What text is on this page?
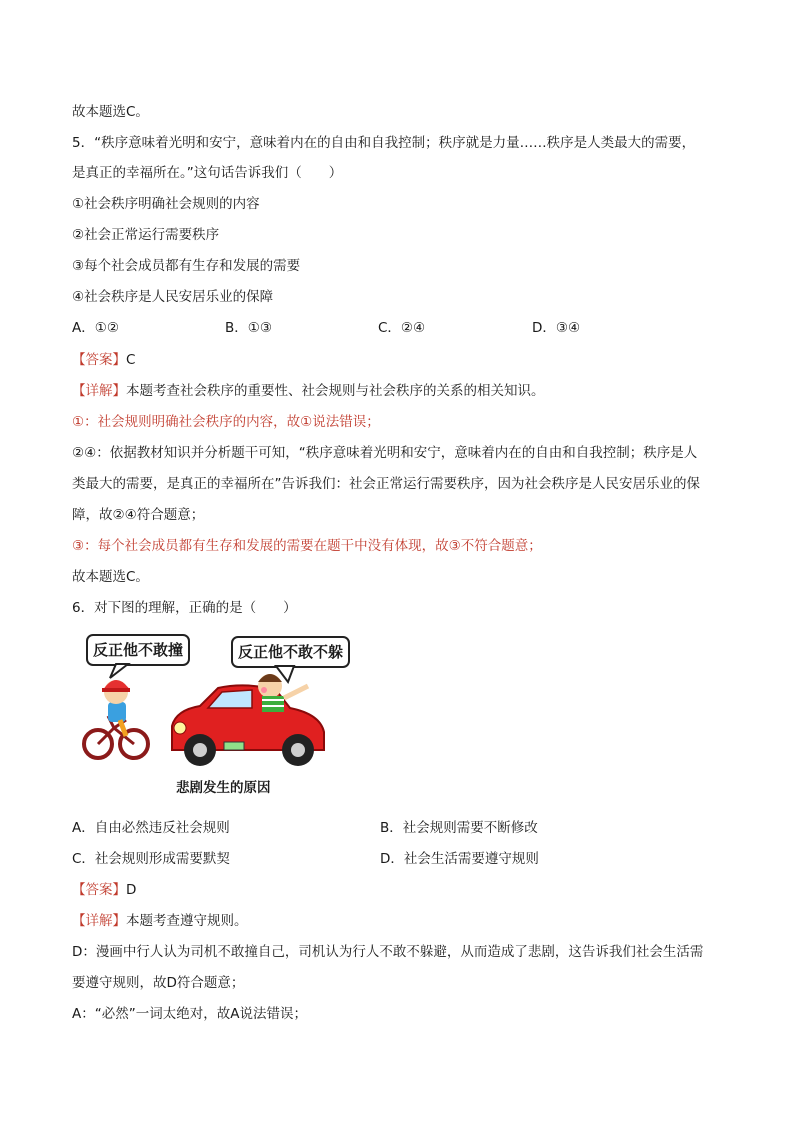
故本题选C。
5．“秩序意味着光明和安宁，意味着内在的自由和自我控制；秩序就是力量……秩序是人类最大的需要，
是真正的幸福所在。”这句话告诉我们（　　）
①社会秩序明确社会规则的内容
②社会正常运行需要秩序
③每个社会成员都有生存和发展的需要
④社会秩序是人民安居乐业的保障
A．①②	B．①③	C．②④	D．③④
【答案】C
【详解】本题考查社会秩序的重要性、社会规则与社会秩序的关系的相关知识。
①：社会规则明确社会秩序的内容，故①说法错误；
②④：依据教材知识并分析题干可知，“秩序意味着光明和安宁，意味着内在的自由和自我控制；秩序是人
类最大的需要，是真正的幸福所在”告诉我们：社会正常运行需要秩序，因为社会秩序是人民安居乐业的保
障，故②④符合题意；
③：每个社会成员都有生存和发展的需要在题干中没有体现，故③不符合题意；
故本题选C。
6．对下图的理解，正确的是（　　）
反正他不敢撞	反正他不敢不躲
悲剧发生的原因
A．自由必然违反社会规则	B．社会规则需要不断修改
C．社会规则形成需要默契	D．社会生活需要遵守规则
【答案】D
【详解】本题考查遵守规则。
D：漫画中行人认为司机不敢撞自己，司机认为行人不敢不躲避，从而造成了悲剧，这告诉我们社会生活需
要遵守规则，故D符合题意；
A：“必然”一词太绝对，故A说法错误；
